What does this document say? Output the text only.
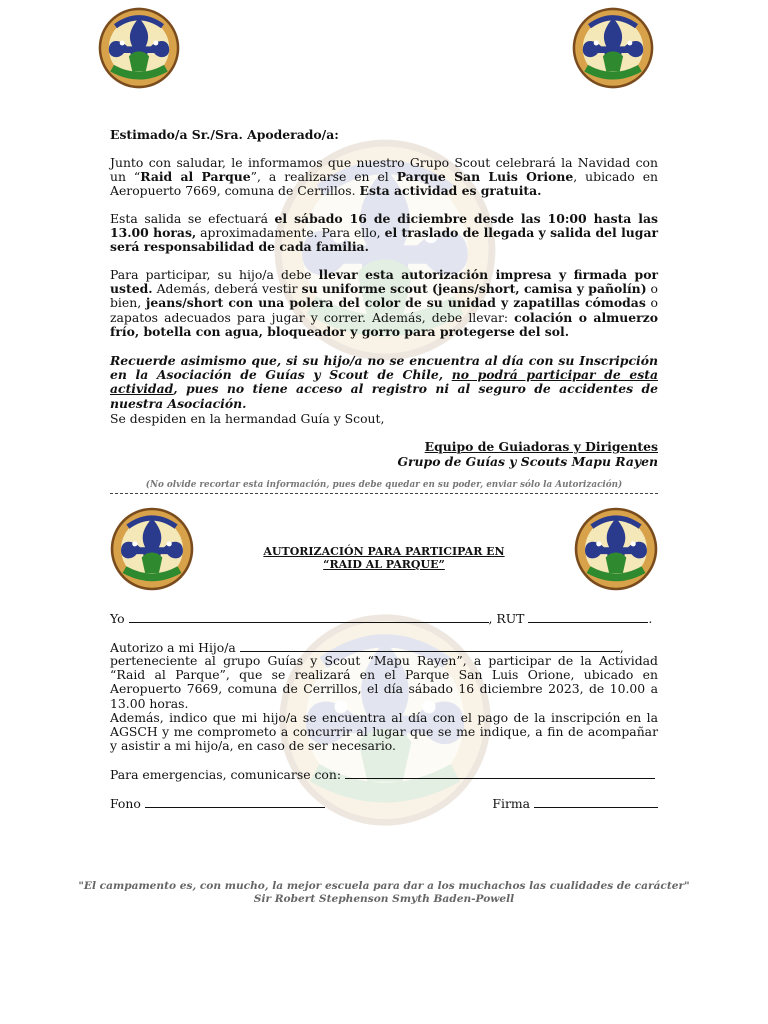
Estimado/a Sr./Sra. Apoderado/a:

Junto con saludar, le informamos que nuestro Grupo Scout celebrará la Navidad con un “Raid al Parque”, a realizarse en el Parque San Luis Orione, ubicado en Aeropuerto 7669, comuna de Cerrillos. Esta actividad es gratuita.

Esta salida se efectuará el sábado 16 de diciembre desde las 10:00 hasta las 13.00 horas, aproximadamente. Para ello, el traslado de llegada y salida del lugar será responsabilidad de cada familia.

Para participar, su hijo/a debe llevar esta autorización impresa y firmada por usted. Además, deberá vestir su uniforme scout (jeans/short, camisa y pañolín) o bien, jeans/short con una polera del color de su unidad y zapatillas cómodas o zapatos adecuados para jugar y correr. Además, debe llevar: colación o almuerzo frío, botella con agua, bloqueador y gorro para protegerse del sol.

Recuerde asimismo que, si su hijo/a no se encuentra al día con su Inscripción en la Asociación de Guías y Scout de Chile, no podrá participar de esta actividad, pues no tiene acceso al registro ni al seguro de accidentes de nuestra Asociación.

Se despiden en la hermandad Guía y Scout,

Equipo de Guiadoras y Dirigentes

Grupo de Guías y Scouts Mapu Rayen

(No olvide recortar esta información, pues debe quedar en su poder, enviar sólo la Autorización)
AUTORIZACIÓN PARA PARTICIPAR EN
“RAID AL PARQUE”
Yo	, RUT	.
Autorizo a mi Hijo/a	,

perteneciente al grupo Guías y Scout “Mapu Rayen”, a participar de la Actividad “Raid al Parque”, que se realizará en el Parque San Luis Orione, ubicado en Aeropuerto 7669, comuna de Cerrillos, el día sábado 16 diciembre 2023, de 10.00 a 13.00 horas.

Además, indico que mi hijo/a se encuentra al día con el pago de la inscripción en la AGSCH y me comprometo a concurrir al lugar que se me indique, a fin de acompañar y asistir a mi hijo/a, en caso de ser necesario.

Para emergencias, comunicarse con:
Fono	Firma
"El campamento es, con mucho, la mejor escuela para dar a los muchachos las cualidades de carácter"
Sir Robert Stephenson Smyth Baden-Powell
